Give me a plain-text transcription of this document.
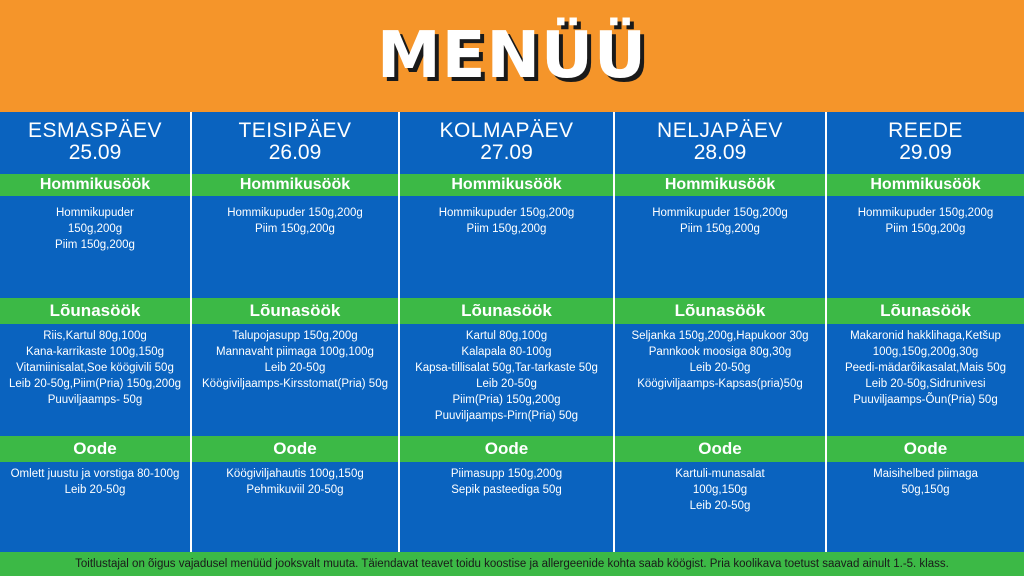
MENÜÜ
ESMASPÄEV
25.09
Hommikusöök
Lõunasöök
Oode
Hommikupuder
150g,200g
Piim 150g,200g
Riis,Kartul 80g,100g
Kana-karrikaste 100g,150g
Vitamiinisalat,Soe köögivili 50g
Leib 20-50g,Piim(Pria) 150g,200g
Puuviljaamps- 50g
Omlett juustu ja vorstiga 80-100g
Leib 20-50g
TEISIPÄEV
26.09
Hommikusöök
Lõunasöök
Oode
Hommikupuder 150g,200g
Piim 150g,200g
Talupojasupp 150g,200g
Mannavaht piimaga 100g,100g
Leib 20-50g
Köögiviljaamps-Kirsstomat(Pria) 50g
Köögiviljahautis 100g,150g
Pehmikuviil 20-50g
KOLMAPÄEV
27.09
Hommikusöök
Lõunasöök
Oode
Hommikupuder 150g,200g
Piim 150g,200g
Kartul 80g,100g
Kalapala 80-100g
Kapsa-tillisalat 50g,Tar-tarkaste 50g
Leib 20-50g
Piim(Pria) 150g,200g
Puuviljaamps-Pirn(Pria) 50g
Piimasupp 150g,200g
Sepik pasteediga 50g
NELJAPÄEV
28.09
Hommikusöök
Lõunasöök
Oode
Hommikupuder 150g,200g
Piim 150g,200g
Seljanka 150g,200g,Hapukoor 30g
Pannkook moosiga 80g,30g
Leib 20-50g
Köögiviljaamps-Kapsas(pria)50g
Kartuli-munasalat
100g,150g
Leib 20-50g
REEDE
29.09
Hommikusöök
Lõunasöök
Oode
Hommikupuder 150g,200g
Piim 150g,200g
Makaronid hakklihaga,Ketšup
100g,150g,200g,30g
Peedi-mädarõikasalat,Mais 50g
Leib 20-50g,Sidrunivesi
Puuviljaamps-Õun(Pria) 50g
Maisihelbed piimaga
50g,150g
Toitlustajal on õigus vajadusel menüüd jooksvalt muuta. Täiendavat teavet toidu koostise ja allergeenide kohta saab köögist. Pria koolikava toetust saavad ainult 1.-5. klass.
